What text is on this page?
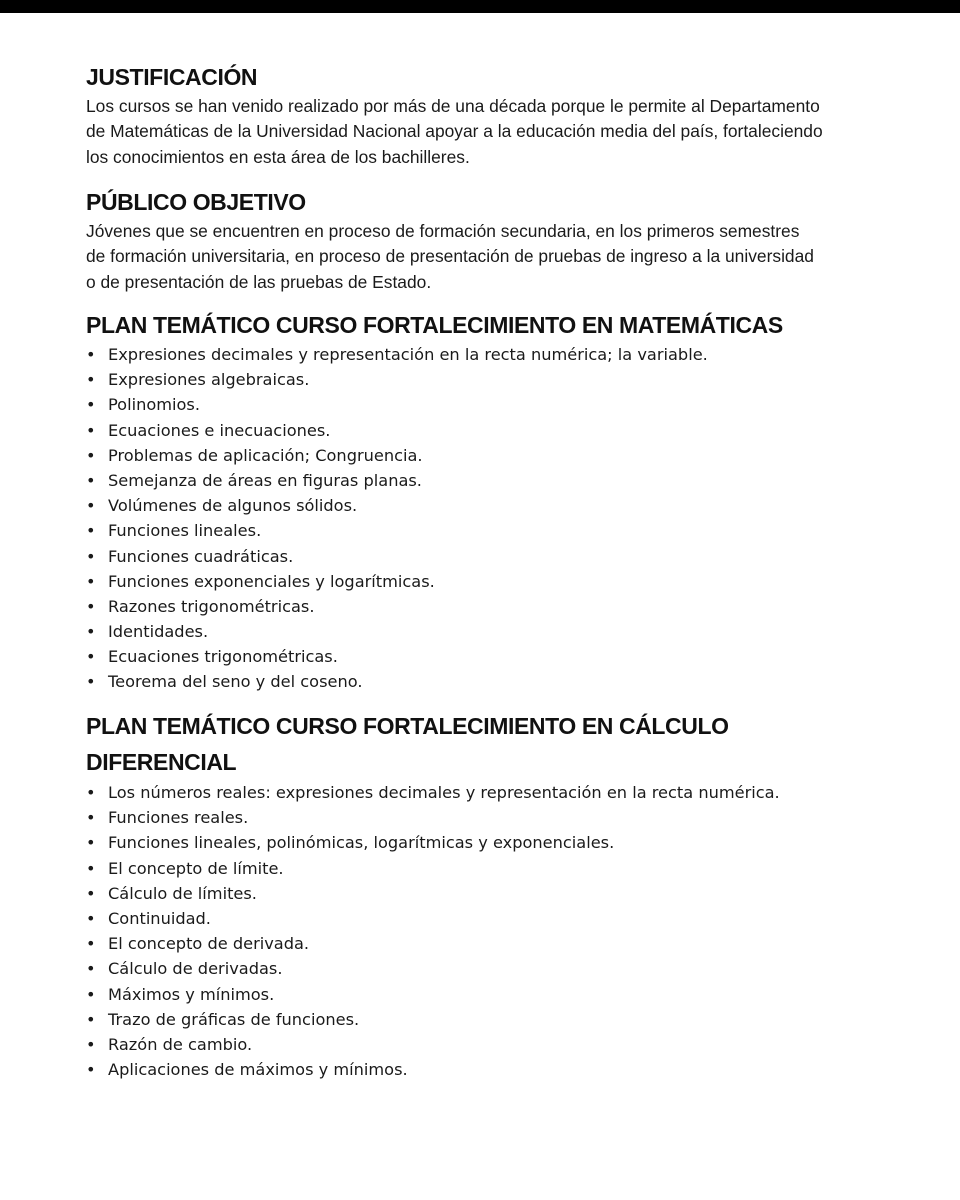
JUSTIFICACIÓN
Los cursos se han venido realizado por más de una década porque le permite al Departamento
de Matemáticas de la Universidad Nacional apoyar a la educación media del país, fortaleciendo
los conocimientos en esta área de los bachilleres.
PÚBLICO OBJETIVO
Jóvenes que se encuentren en proceso de formación secundaria, en los primeros semestres
de formación universitaria, en proceso de presentación de pruebas de ingreso a la universidad
o de presentación de las pruebas de Estado.
PLAN TEMÁTICO CURSO FORTALECIMIENTO EN MATEMÁTICAS
• Expresiones decimales y representación en la recta numérica; la variable.
• Expresiones algebraicas.
• Polinomios.
• Ecuaciones e inecuaciones.
• Problemas de aplicación; Congruencia.
• Semejanza de áreas en figuras planas.
• Volúmenes de algunos sólidos.
• Funciones lineales.
• Funciones cuadráticas.
• Funciones exponenciales y logarítmicas.
• Razones trigonométricas.
• Identidades.
• Ecuaciones trigonométricas.
• Teorema del seno y del coseno.
PLAN TEMÁTICO CURSO FORTALECIMIENTO EN CÁLCULO
DIFERENCIAL
• Los números reales: expresiones decimales y representación en la recta numérica.
• Funciones reales.
• Funciones lineales, polinómicas, logarítmicas y exponenciales.
• El concepto de límite.
• Cálculo de límites.
• Continuidad.
• El concepto de derivada.
• Cálculo de derivadas.
• Máximos y mínimos.
• Trazo de gráficas de funciones.
• Razón de cambio.
• Aplicaciones de máximos y mínimos.
